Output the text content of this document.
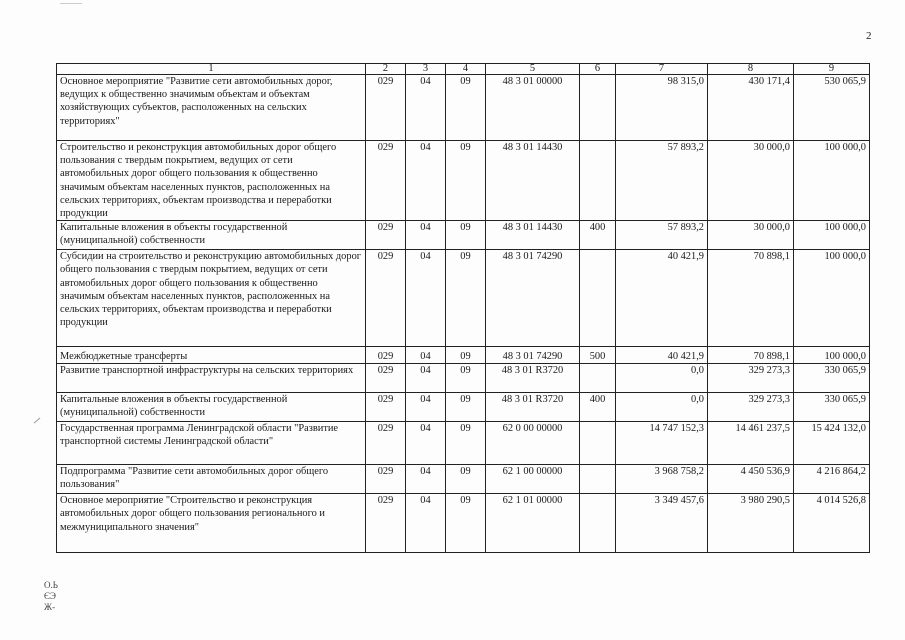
2
1	2	3	4	5	6	7	8	9
Основное мероприятие "Развитие сети автомобильных дорог, ведущих к общественно значимым объектам и объектам хозяйствующих субъектов, расположенных на сельских территориях"	029	04	09	48 3 01 00000		98 315,0	430 171,4	530 065,9
Строительство и реконструкция автомобильных дорог общего пользования с твердым покрытием, ведущих от сети автомобильных дорог общего пользования к общественно значимым объектам населенных пунктов, расположенных на сельских территориях, объектам производства и переработки продукции	029	04	09	48 3 01 14430		57 893,2	30 000,0	100 000,0
Капитальные вложения в объекты государственной (муниципальной) собственности	029	04	09	48 3 01 14430	400	57 893,2	30 000,0	100 000,0
Субсидии на строительство и реконструкцию автомобильных дорог общего пользования с твердым покрытием, ведущих от сети автомобильных дорог общего пользования к общественно значимым объектам населенных пунктов, расположенных на сельских территориях, объектам производства и переработки продукции	029	04	09	48 3 01 74290		40 421,9	70 898,1	100 000,0
Межбюджетные трансферты	029	04	09	48 3 01 74290	500	40 421,9	70 898,1	100 000,0
Развитие транспортной инфраструктуры на сельских территориях	029	04	09	48 3 01 R3720		0,0	329 273,3	330 065,9
Капитальные вложения в объекты государственной (муниципальной) собственности	029	04	09	48 3 01 R3720	400	0,0	329 273,3	330 065,9
Государственная программа Ленинградской области "Развитие транспортной системы Ленинградской области"	029	04	09	62 0 00 00000		14 747 152,3	14 461 237,5	15 424 132,0
Подпрограмма "Развитие сети автомобильных дорог общего пользования"	029	04	09	62 1 00 00000		3 968 758,2	4 450 536,9	4 216 864,2
Основное мероприятие "Строительство и реконструкция автомобильных дорог общего пользования регионального и межмуниципального значения"	029	04	09	62 1 01 00000		3 349 457,6	3 980 290,5	4 014 526,8
О.Ь
ЄЭ
Ж-
